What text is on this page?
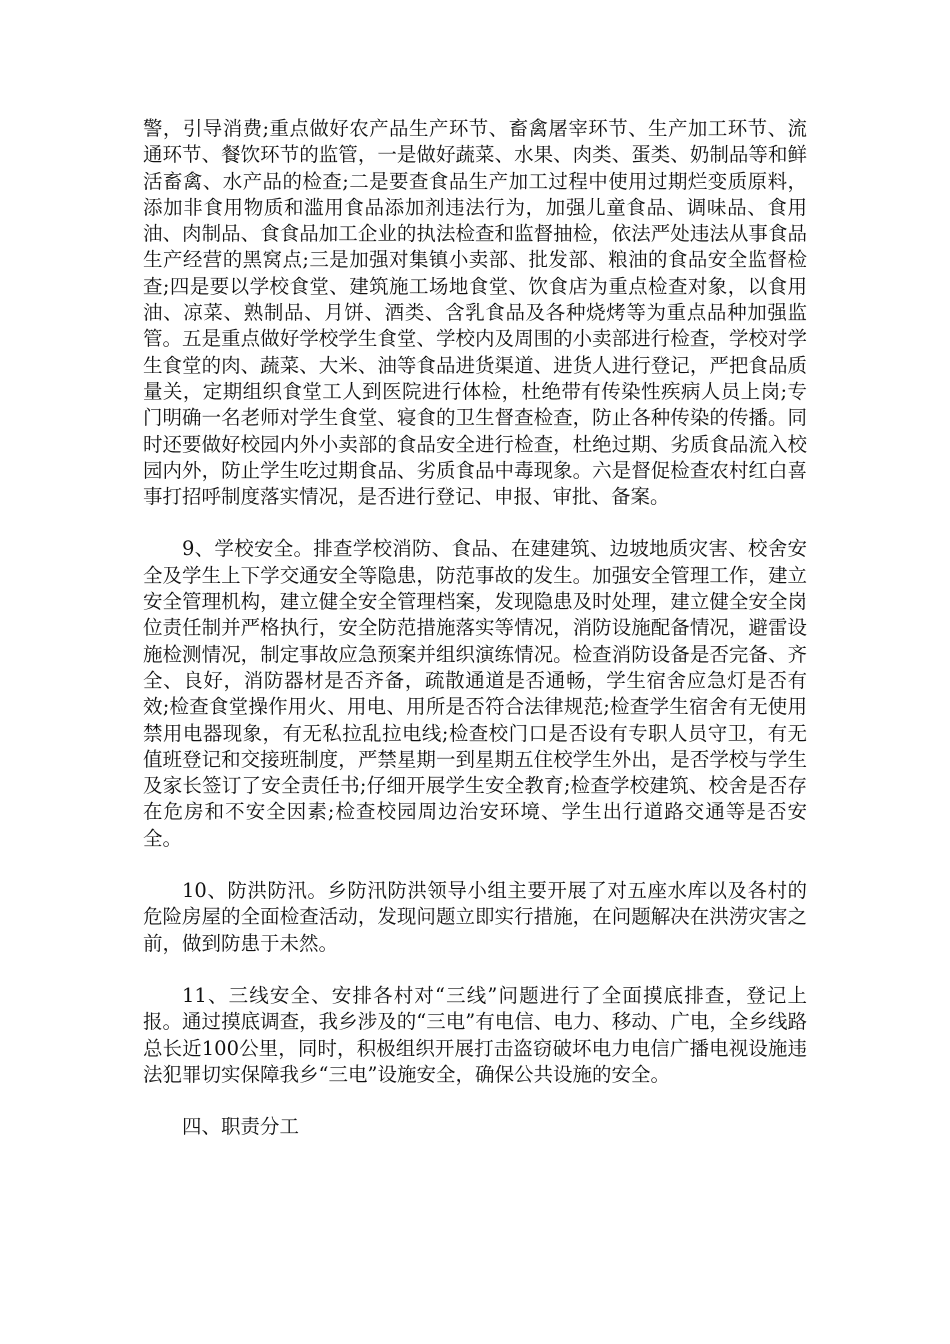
警，引导消费;重点做好农产品生产环节、畜禽屠宰环节、生产加工环节、流通环节、餐饮环节的监管，一是做好蔬菜、水果、肉类、蛋类、奶制品等和鲜活畜禽、水产品的检查;二是要查食品生产加工过程中使用过期烂变质原料，添加非食用物质和滥用食品添加剂违法行为，加强儿童食品、调味品、食用油、肉制品、食食品加工企业的执法检查和监督抽检，依法严处违法从事食品生产经营的黑窝点;三是加强对集镇小卖部、批发部、粮油的食品安全监督检查;四是要以学校食堂、建筑施工场地食堂、饮食店为重点检查对象，以食用油、凉菜、熟制品、月饼、酒类、含乳食品及各种烧烤等为重点品种加强监管。五是重点做好学校学生食堂、学校内及周围的小卖部进行检查，学校对学生食堂的肉、蔬菜、大米、油等食品进货渠道、进货人进行登记，严把食品质量关，定期组织食堂工人到医院进行体检，杜绝带有传染性疾病人员上岗;专门明确一名老师对学生食堂、寝食的卫生督查检查，防止各种传染的传播。同时还要做好校园内外小卖部的食品安全进行检查，杜绝过期、劣质食品流入校园内外，防止学生吃过期食品、劣质食品中毒现象。六是督促检查农村红白喜事打招呼制度落实情况，是否进行登记、申报、审批、备案。

9、学校安全。排查学校消防、食品、在建建筑、边坡地质灾害、校舍安全及学生上下学交通安全等隐患，防范事故的发生。加强安全管理工作，建立安全管理机构，建立健全安全管理档案，发现隐患及时处理，建立健全安全岗位责任制并严格执行，安全防范措施落实等情况，消防设施配备情况，避雷设施检测情况，制定事故应急预案并组织演练情况。检查消防设备是否完备、齐全、良好，消防器材是否齐备，疏散通道是否通畅，学生宿舍应急灯是否有效;检查食堂操作用火、用电、用所是否符合法律规范;检查学生宿舍有无使用禁用电器现象，有无私拉乱拉电线;检查校门口是否设有专职人员守卫，有无值班登记和交接班制度，严禁星期一到星期五住校学生外出，是否学校与学生及家长签订了安全责任书;仔细开展学生安全教育;检查学校建筑、校舍是否存在危房和不安全因素;检查校园周边治安环境、学生出行道路交通等是否安全。

10、防洪防汛。乡防汛防洪领导小组主要开展了对五座水库以及各村的危险房屋的全面检查活动，发现问题立即实行措施，在问题解决在洪涝灾害之前，做到防患于未然。

11、三线安全、安排各村对“三线”问题进行了全面摸底排查，登记上报。通过摸底调查，我乡涉及的“三电”有电信、电力、移动、广电，全乡线路总长近100公里，同时，积极组织开展打击盗窃破坏电力电信广播电视设施违法犯罪切实保障我乡“三电”设施安全，确保公共设施的安全。

四、职责分工
